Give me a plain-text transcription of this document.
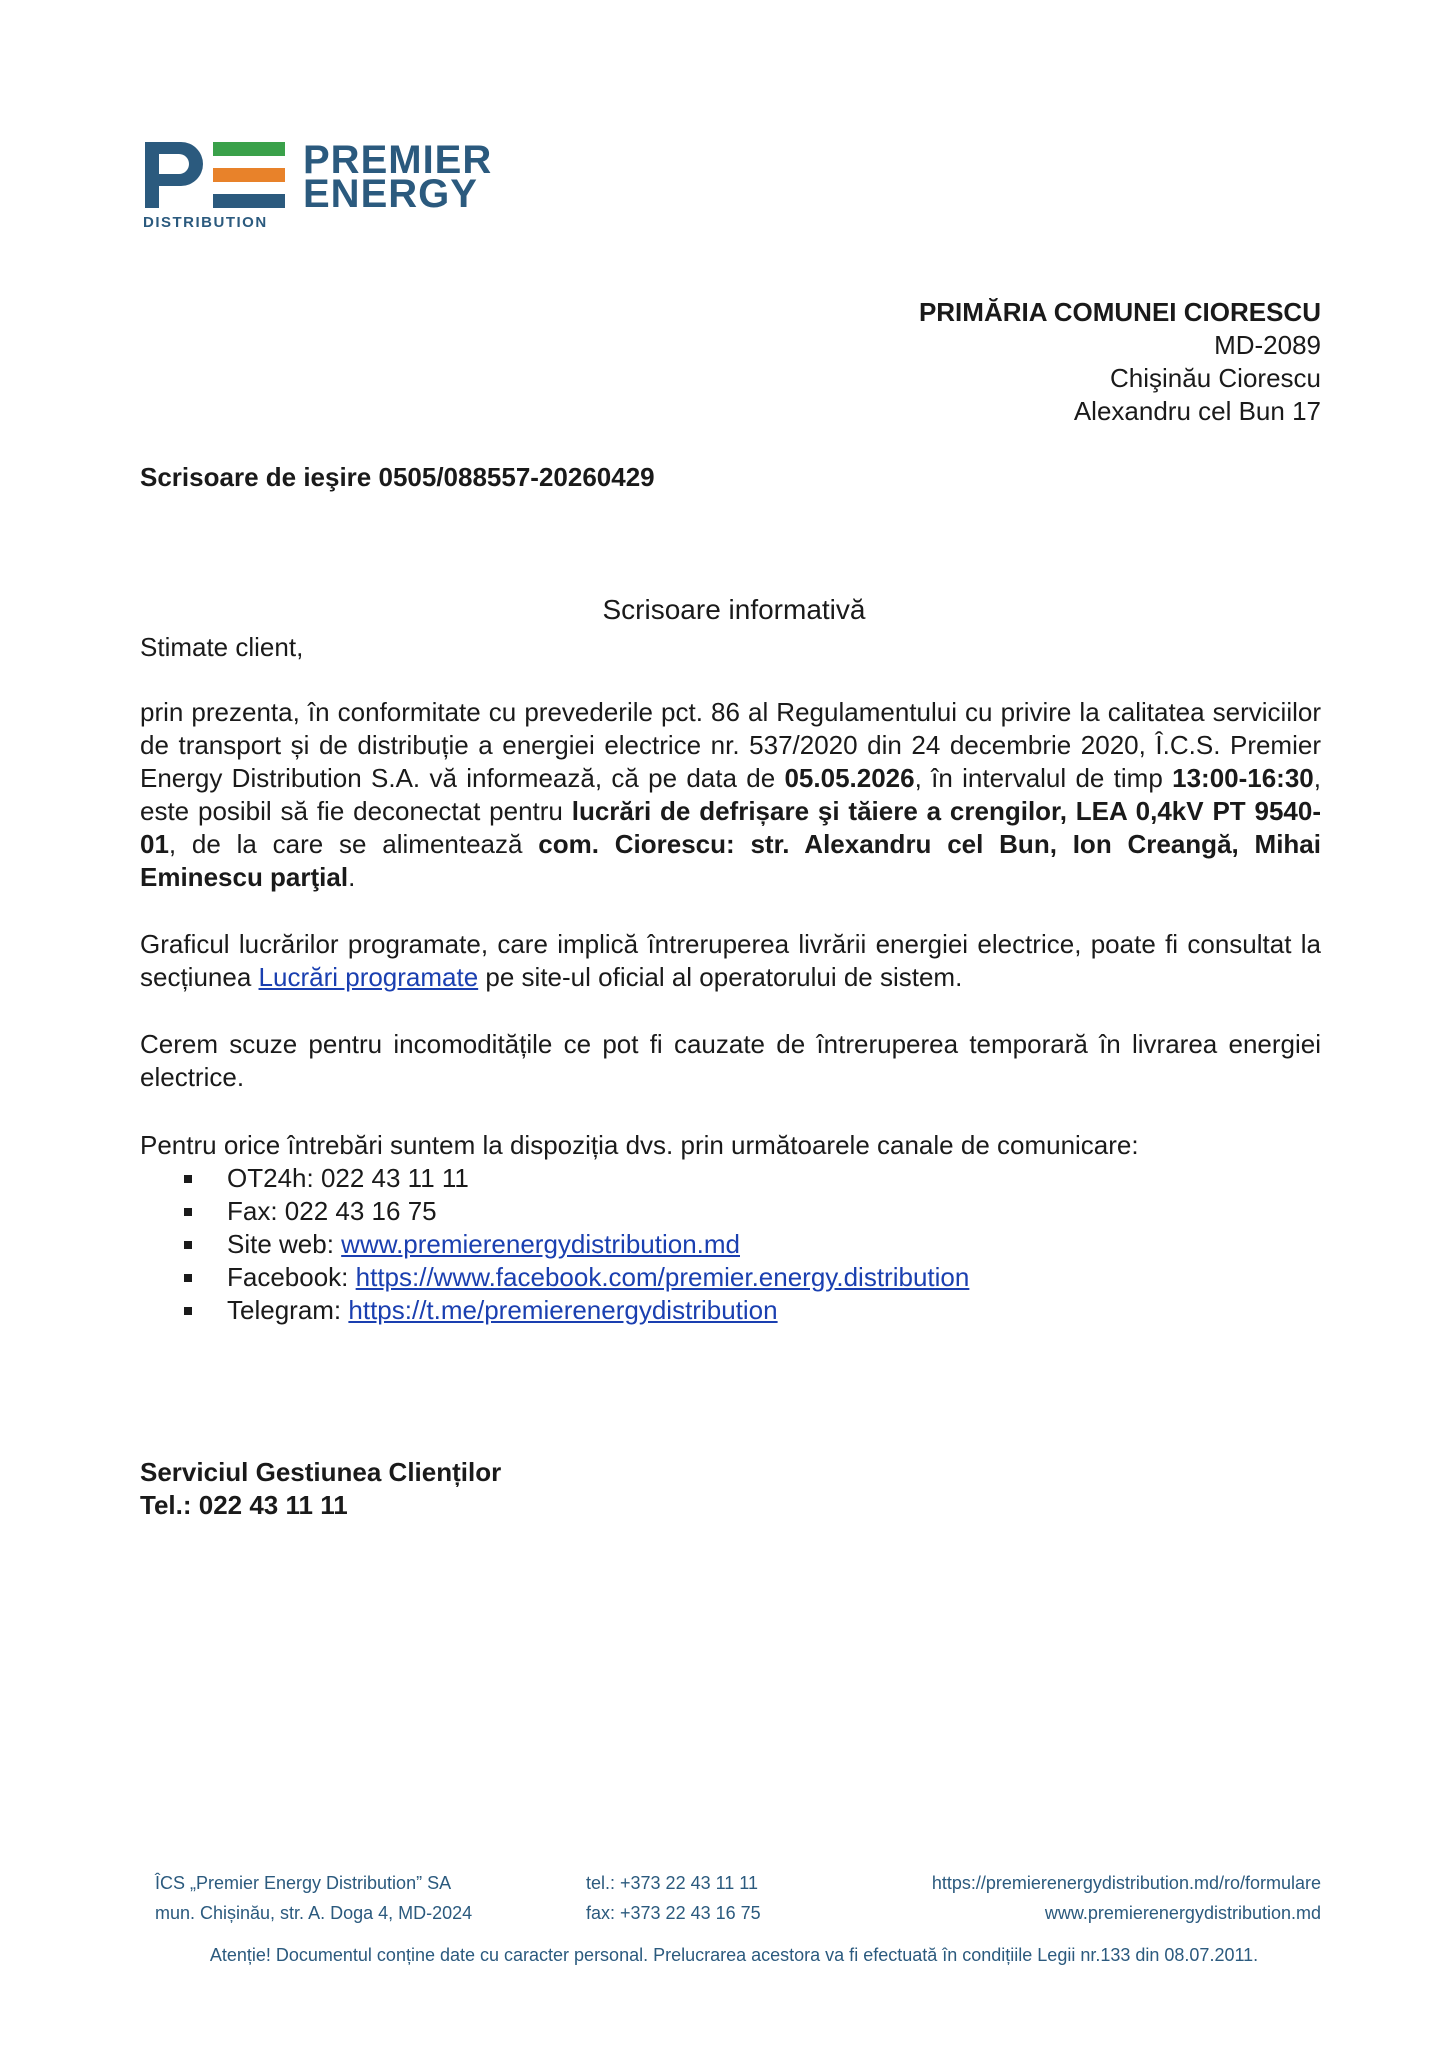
PREMIER
ENERGY
DISTRIBUTION
PRIMĂRIA COMUNEI CIORESCU
MD-2089
Chişinău Ciorescu
Alexandru cel Bun 17
Scrisoare de ieşire 0505/088557-20260429
Scrisoare informativă
Stimate client,
prin prezenta, în conformitate cu prevederile pct. 86 al Regulamentului cu privire la calitatea serviciilor de transport și de distribuție a energiei electrice nr. 537/2020 din 24 decembrie 2020, Î.C.S. Premier Energy Distribution S.A. vă informează, că pe data de 05.05.2026, în intervalul de timp 13:00-16:30, este posibil să fie deconectat pentru lucrări de defrișare şi tăiere a crengilor, LEA 0,4kV PT 9540-01, de la care se alimentează com. Ciorescu: str. Alexandru cel Bun, Ion Creangă, Mihai Eminescu parţial.
Graficul lucrărilor programate, care implică întreruperea livrării energiei electrice, poate fi consultat la secțiunea Lucrări programate pe site-ul oficial al operatorului de sistem.
Cerem scuze pentru incomoditățile ce pot fi cauzate de întreruperea temporară în livrarea energiei electrice.
Pentru orice întrebări suntem la dispoziția dvs. prin următoarele canale de comunicare:
OT24h: 022 43 11 11
Fax: 022 43 16 75
Site web: www.premierenergydistribution.md
Facebook: https://www.facebook.com/premier.energy.distribution
Telegram: https://t.me/premierenergydistribution
Serviciul Gestiunea Clienților
Tel.: 022 43 11 11
ÎCS „Premier Energy Distribution” SA
mun. Chișinău, str. A. Doga 4, MD-2024
tel.: +373 22 43 11 11
fax: +373 22 43 16 75
https://premierenergydistribution.md/ro/formulare
www.premierenergydistribution.md
Atenție! Documentul conține date cu caracter personal. Prelucrarea acestora va fi efectuată în condițiile Legii nr.133 din 08.07.2011.
